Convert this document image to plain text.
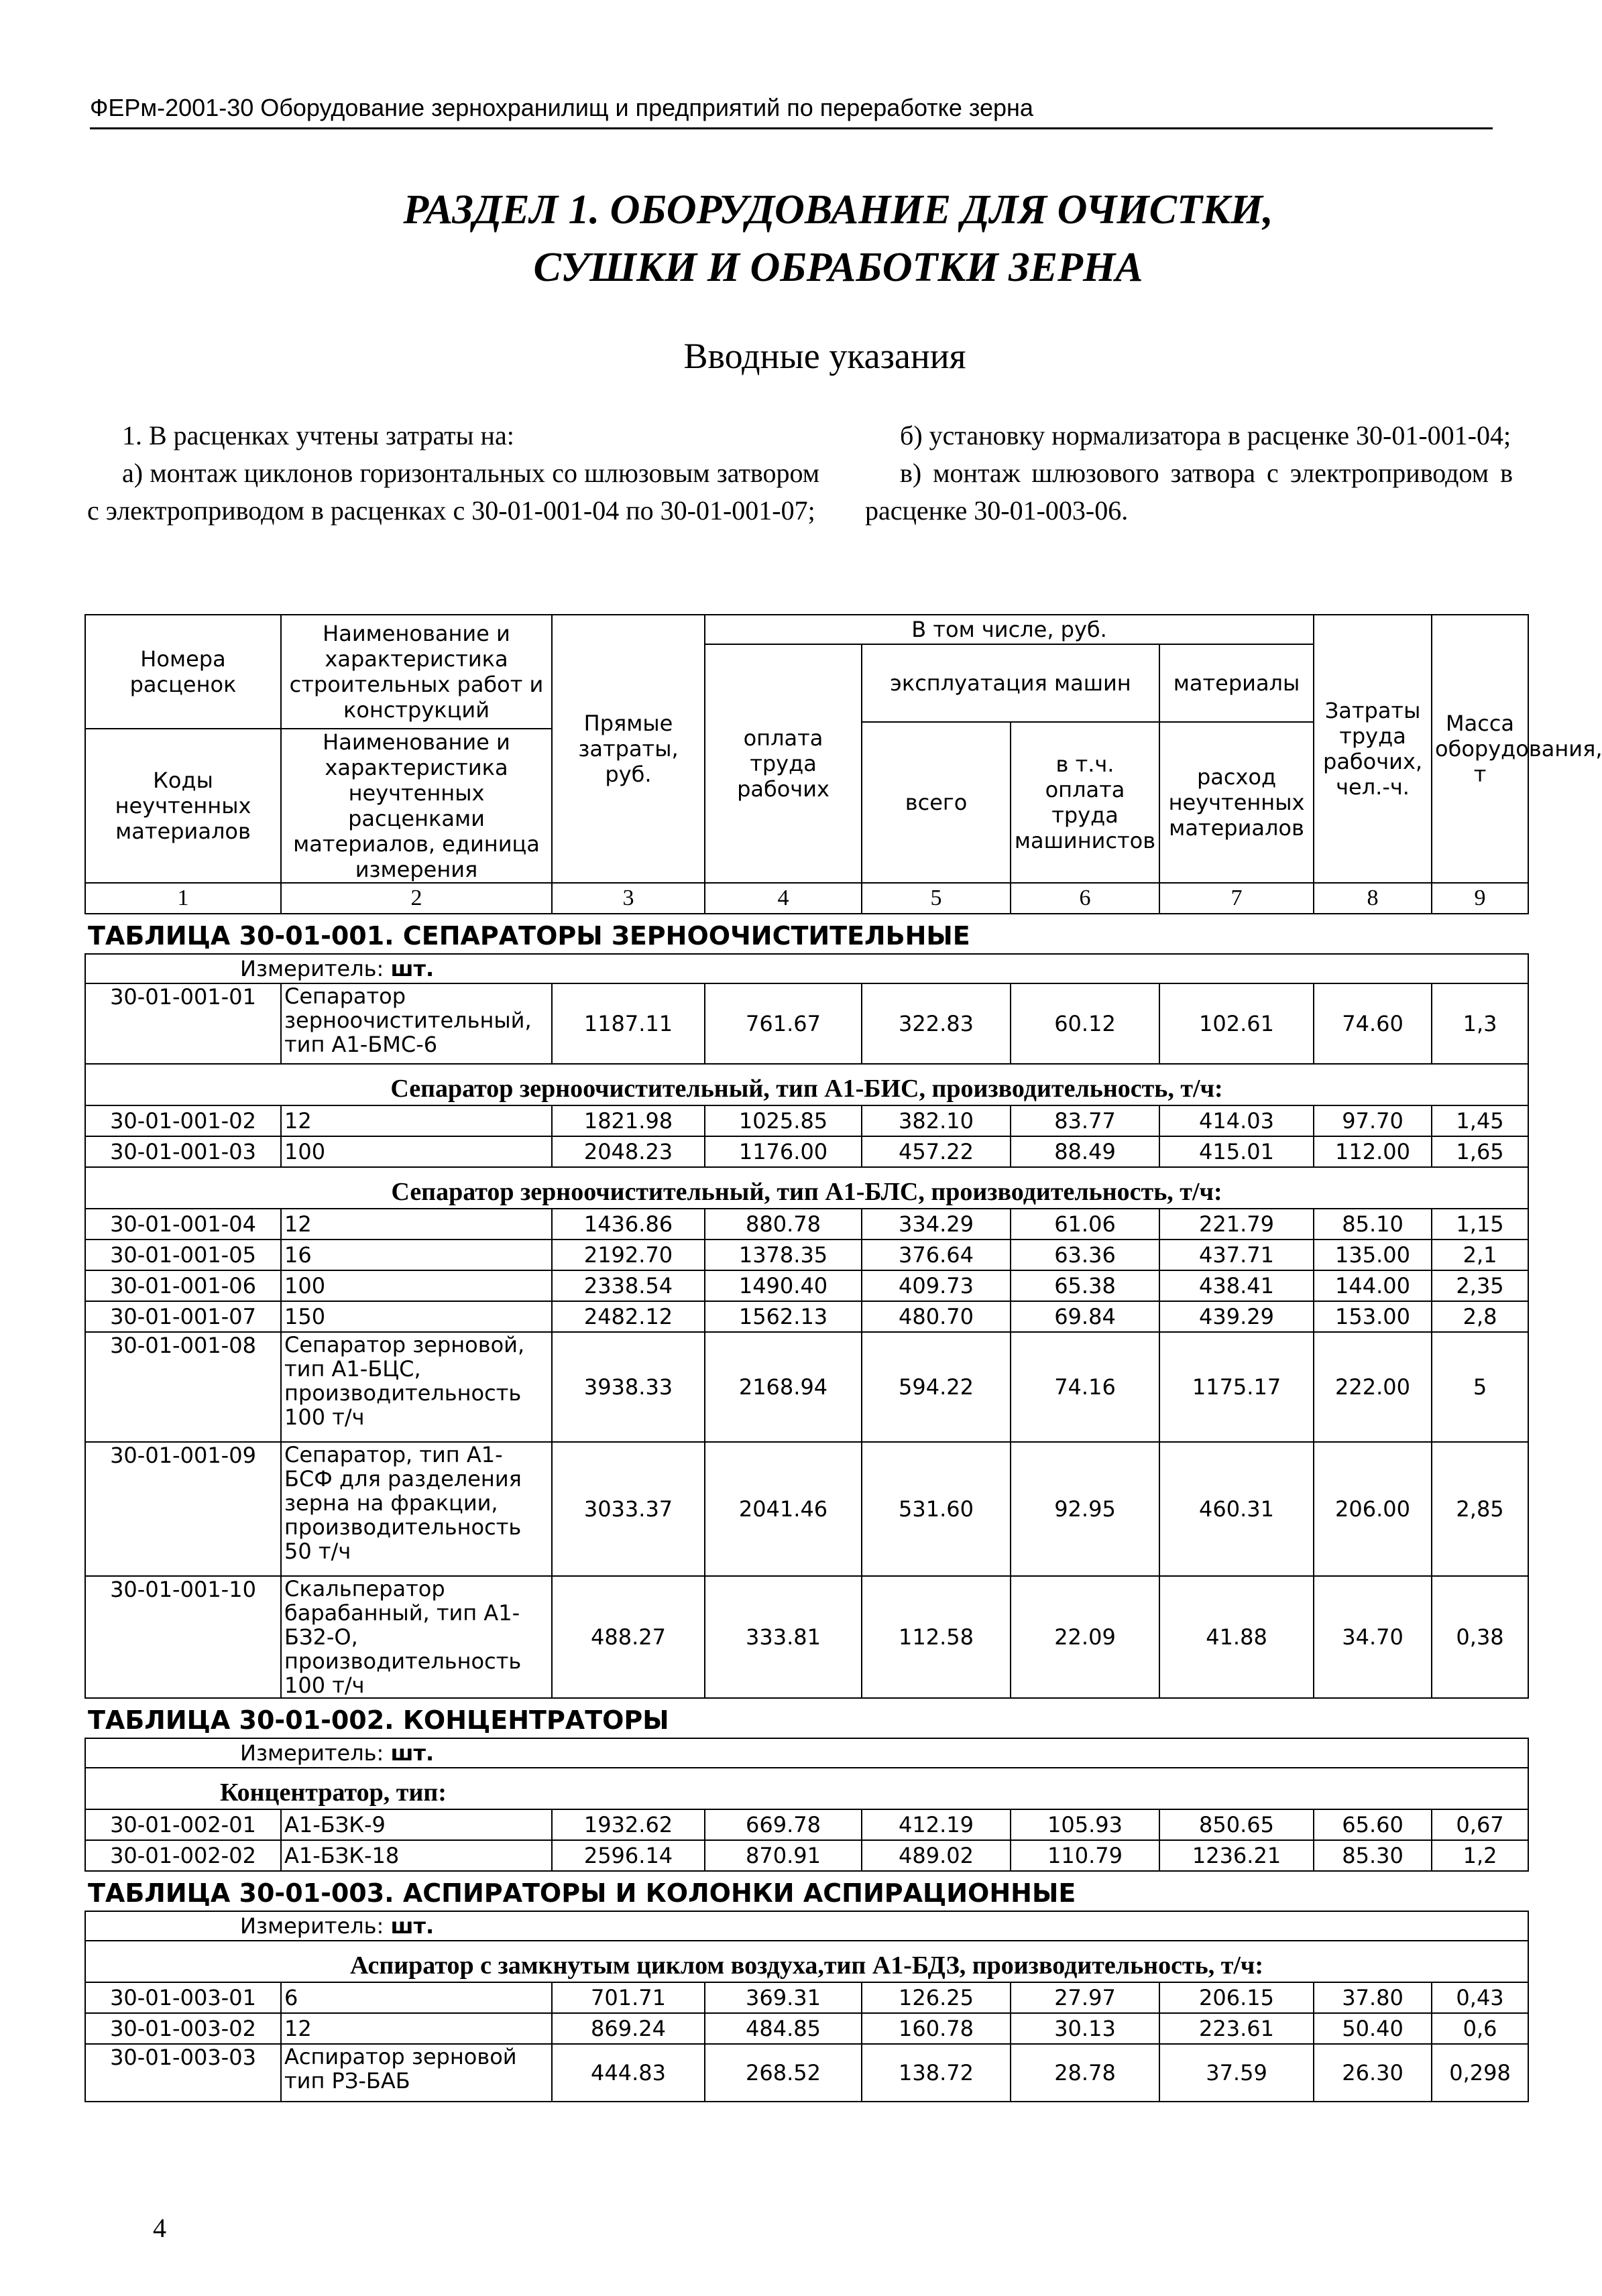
ФЕРм-2001-30 Оборудование зернохранилищ и предприятий по переработке зерна
РАЗДЕЛ 1. ОБОРУДОВАНИЕ ДЛЯ ОЧИСТКИ,
СУШКИ И ОБРАБОТКИ ЗЕРНА
Вводные указания

1. В расценках учтены затраты на:

а) монтаж циклонов горизонтальных со шлюзовым затвором с электроприводом в расценках с 30-01-001-04 по 30-01-001-07;

б) установку нормализатора в расценке 30-01-001-04;

в) монтаж шлюзового затвора с электроприводом в расценке 30-01-003-06.

Номера расценок	Наименование и характеристика строительных работ и конструкций	Прямые затраты, руб.	В том числе, руб.				Затраты труда рабочих, чел.-ч.	Масса оборудования, т
			оплата труда рабочих	эксплуатация машин		материалы		
				всего	в т.ч. оплата труда машинистов	расход неучтенных материалов		
Коды неучтенных материалов	Наименование и характеристика неучтенных расценками материалов, единица измерения							

1	2	3	4	5	6	7	8	9
ТАБЛИЦА 30-01-001. СЕПАРАТОРЫ ЗЕРНООЧИСТИТЕЛЬНЫЕ								
Измеритель: шт.								
30-01-001-01	Сепаратор зерноочистительный, тип А1-БМС-6	1187.11	761.67	322.83	60.12	102.61	74.60	1,3
Сепаратор зерноочистительный, тип А1-БИС, производительность, т/ч:								
30-01-001-02	12	1821.98	1025.85	382.10	83.77	414.03	97.70	1,45
30-01-001-03	100	2048.23	1176.00	457.22	88.49	415.01	112.00	1,65
Сепаратор зерноочистительный, тип А1-БЛС, производительность, т/ч:								
30-01-001-04	12	1436.86	880.78	334.29	61.06	221.79	85.10	1,15
30-01-001-05	16	2192.70	1378.35	376.64	63.36	437.71	135.00	2,1
30-01-001-06	100	2338.54	1490.40	409.73	65.38	438.41	144.00	2,35
30-01-001-07	150	2482.12	1562.13	480.70	69.84	439.29	153.00	2,8
30-01-001-08	Сепаратор зерновой, тип А1-БЦС, производительность 100 т/ч	3938.33	2168.94	594.22	74.16	1175.17	222.00	5
30-01-001-09	Сепаратор, тип А1-БСФ для разделения зерна на фракции, производительность 50 т/ч	3033.37	2041.46	531.60	92.95	460.31	206.00	2,85
30-01-001-10	Скальператор барабанный, тип А1-БЗ2-О, производительность 100 т/ч	488.27	333.81	112.58	22.09	41.88	34.70	0,38
ТАБЛИЦА 30-01-002. КОНЦЕНТРАТОРЫ								
Измеритель: шт.								
Концентратор, тип:								
30-01-002-01	А1-БЗК-9	1932.62	669.78	412.19	105.93	850.65	65.60	0,67
30-01-002-02	А1-БЗК-18	2596.14	870.91	489.02	110.79	1236.21	85.30	1,2
ТАБЛИЦА 30-01-003. АСПИРАТОРЫ И КОЛОНКИ АСПИРАЦИОННЫЕ								
Измеритель: шт.								
Аспиратор с замкнутым циклом воздуха,тип А1-БДЗ, производительность, т/ч:								
30-01-003-01	6	701.71	369.31	126.25	27.97	206.15	37.80	0,43
30-01-003-02	12	869.24	484.85	160.78	30.13	223.61	50.40	0,6
30-01-003-03	Аспиратор зерновой тип РЗ-БАБ	444.83	268.52	138.72	28.78	37.59	26.30	0,298
4
